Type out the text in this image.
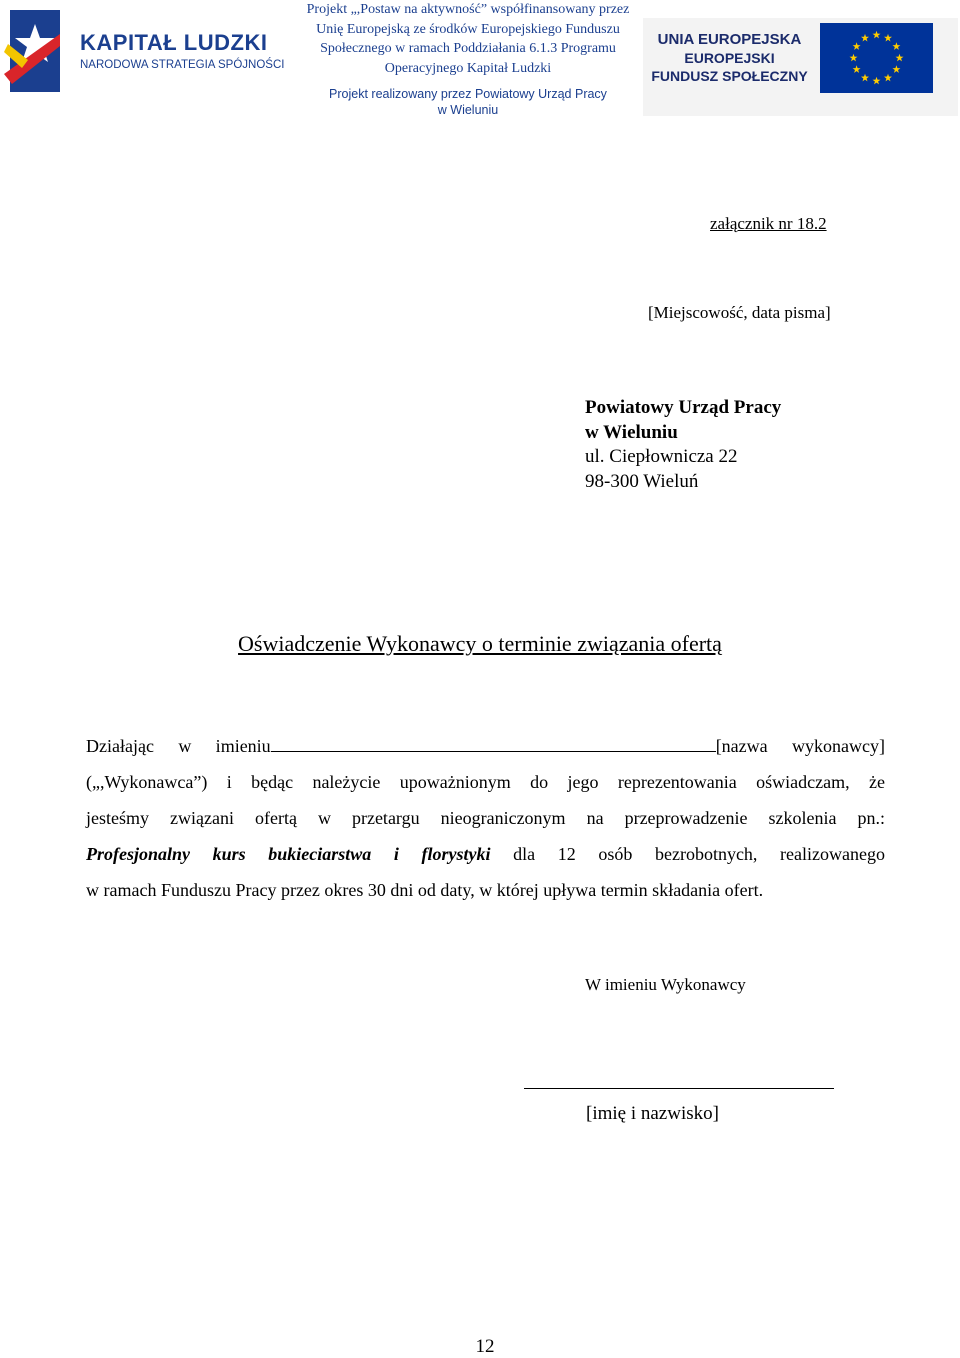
KAPITAŁ LUDZKI
NARODOWA STRATEGIA SPÓJNOŚCI
Projekt „,Postaw na aktywność” współfinansowany przez
Unię Europejską ze środków Europejskiego Funduszu
Społecznego w ramach Poddziałania 6.1.3 Programu
Operacyjnego Kapitał Ludzki
Projekt realizowany przez Powiatowy Urząd Pracy
w Wieluniu
UNIA EUROPEJSKA
EUROPEJSKI
FUNDUSZ SPOŁECZNY
załącznik nr 18.2
[Miejscowość, data pisma]
Powiatowy Urząd Pracy
w Wieluniu
ul. Ciepłownicza 22
98-300 Wieluń
Oświadczenie Wykonawcy o terminie związania ofertą
Działając w imieniu	[nazwa wykonawcy]
(„,Wykonawca”) i będąc należycie upoważnionym do jego reprezentowania oświadczam, że
jesteśmy związani ofertą w przetargu nieograniczonym na przeprowadzenie szkolenia pn.:
Profesjonalny kurs bukieciarstwa i florystyki dla 12 osób bezrobotnych, realizowanego
w ramach Funduszu Pracy przez okres 30 dni od daty, w której upływa termin składania ofert.
W imieniu Wykonawcy
[imię i nazwisko]
12
